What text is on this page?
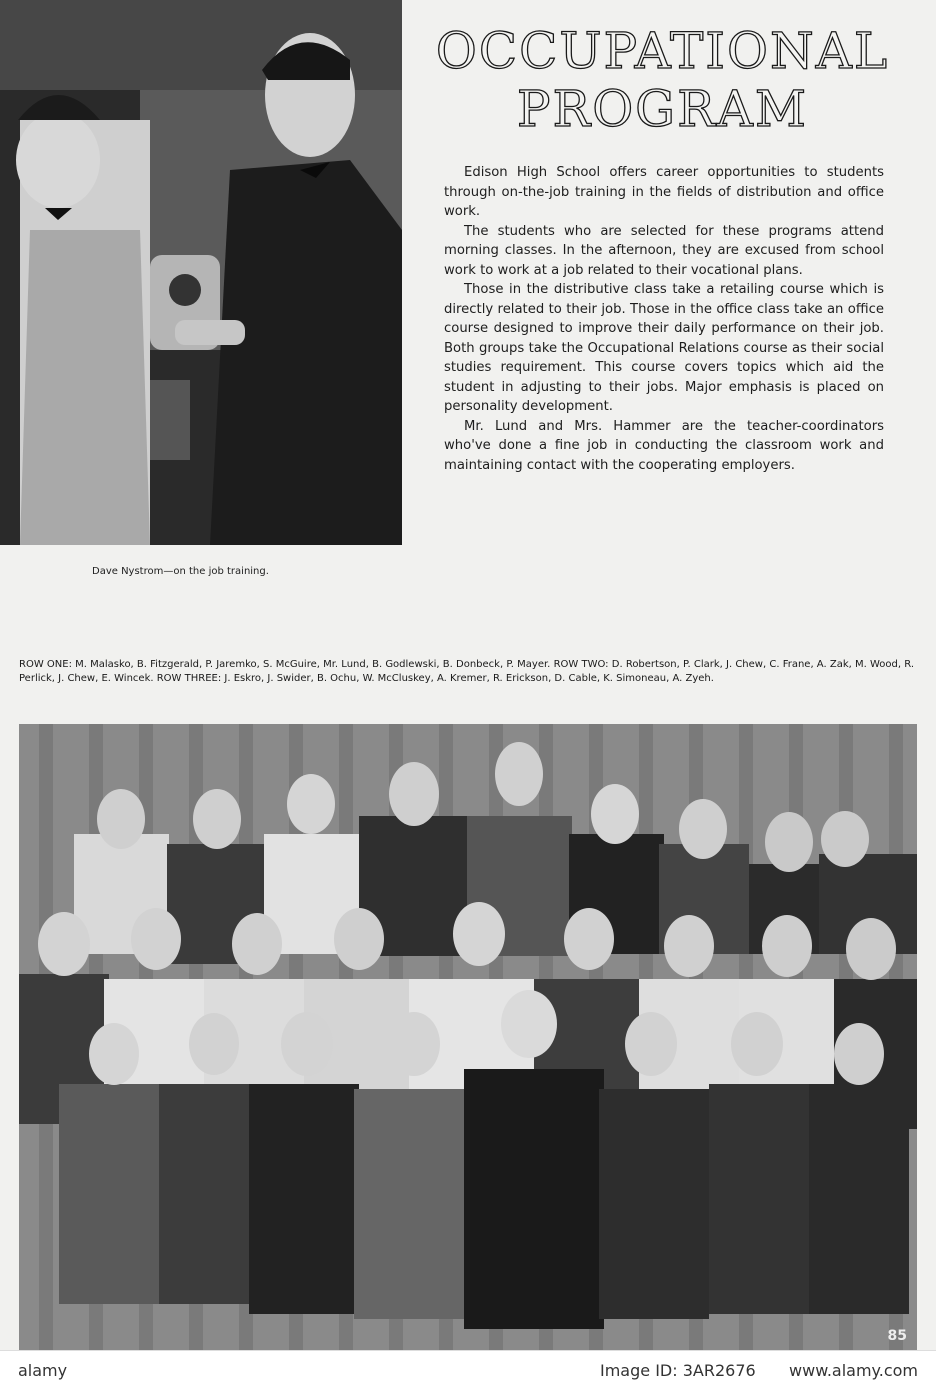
Dave Nystrom—on the job training.
OCCUPATIONAL
PROGRAM

Edison High School offers career opportunities to students through on-the-job training in the fields of distribution and office work.

The students who are selected for these programs attend morning classes. In the afternoon, they are excused from school work to work at a job related to their vocational plans.

Those in the distributive class take a retailing course which is directly related to their job. Those in the office class take an office course designed to improve their daily performance on their job. Both groups take the Occupational Relations course as their social studies requirement. This course covers topics which aid the student in adjusting to their jobs. Major emphasis is placed on personality development.

Mr. Lund and Mrs. Hammer are the teacher-coordinators who've done a fine job in conducting the classroom work and maintaining contact with the cooperating employers.

ROW ONE: M. Malasko, B. Fitzgerald, P. Jaremko, S. McGuire, Mr. Lund, B. Godlewski, B. Donbeck, P. Mayer. ROW TWO: D. Robertson, P. Clark, J. Chew, C. Frane, A. Zak, M. Wood, R. Perlick, J. Chew, E. Wincek. ROW THREE: J. Eskro, J. Swider, B. Ochu, W. McCluskey, A. Kremer, R. Erickson, D. Cable, K. Simoneau, A. Zyeh.
85
alamy	Image ID: 3AR2676 www.alamy.com
